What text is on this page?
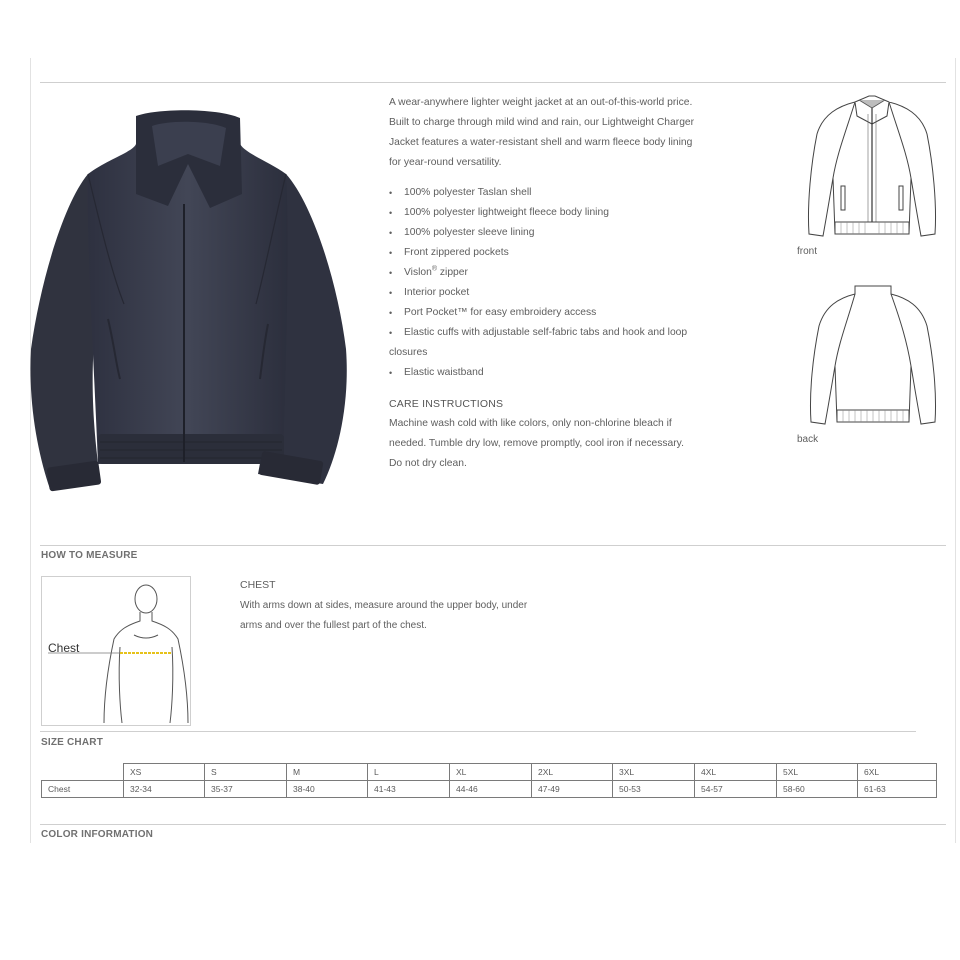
A wear-anywhere lighter weight jacket at an out-of-this-world price. Built to charge through mild wind and rain, our Lightweight Charger Jacket features a water-resistant shell and warm fleece body lining for year-round versatility.

• 100% polyester Taslan shell
• 100% polyester lightweight fleece body lining
• 100% polyester sleeve lining
• Front zippered pockets
• Vislon® zipper
• Interior pocket
• Port Pocket™ for easy embroidery access
• Elastic cuffs with adjustable self-fabric tabs and hook and loop closures
• Elastic waistband
CARE INSTRUCTIONS

Machine wash cold with like colors, only non-chlorine bleach if needed. Tumble dry low, remove promptly, cool iron if necessary. Do not dry clean.

front
back
HOW TO MEASURE
Chest
CHEST
With arms down at sides, measure around the upper body, under arms and over the fullest part of the chest.
SIZE CHART
	XS	S	M	L	XL	2XL	3XL	4XL	5XL	6XL
Chest	32-34	35-37	38-40	41-43	44-46	47-49	50-53	54-57	58-60	61-63
COLOR INFORMATION
